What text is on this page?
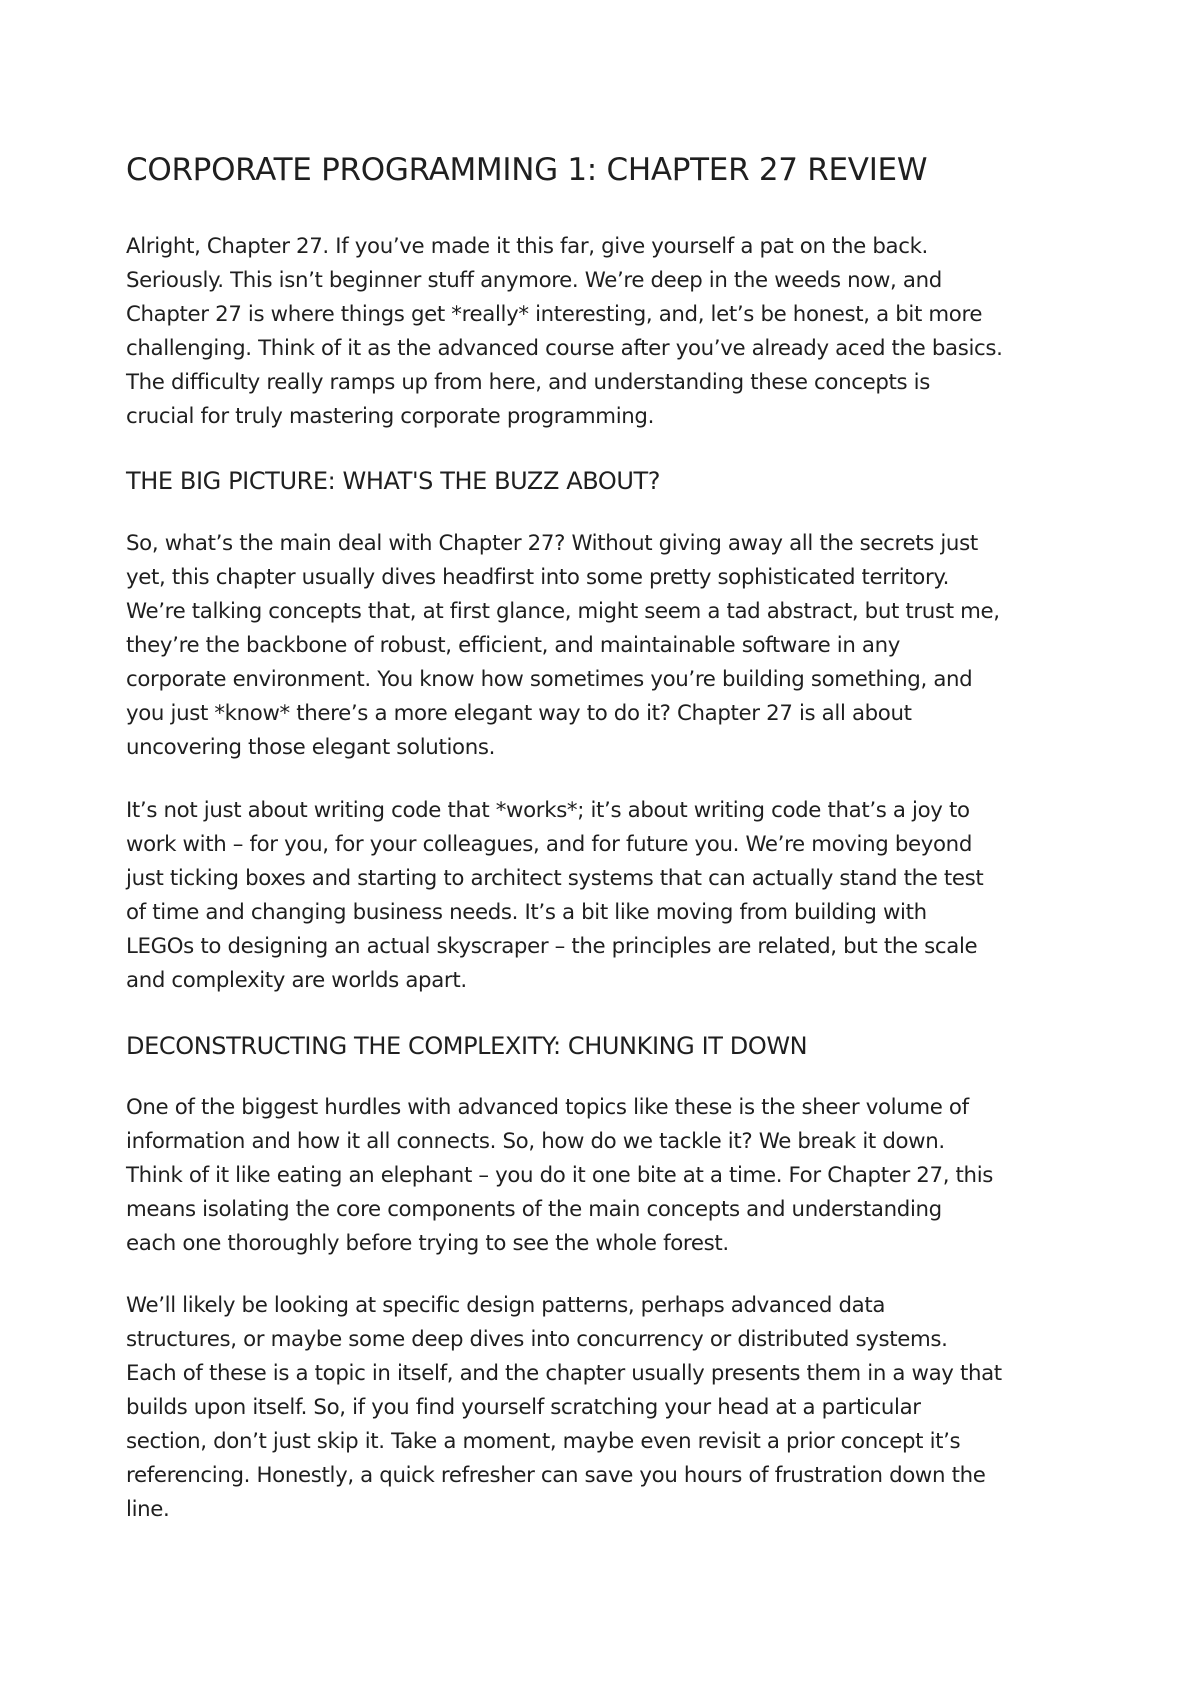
CORPORATE PROGRAMMING 1: CHAPTER 27 REVIEW
Alright, Chapter 27. If you’ve made it this far, give yourself a pat on the back.
Seriously. This isn’t beginner stuff anymore. We’re deep in the weeds now, and
Chapter 27 is where things get *really* interesting, and, let’s be honest, a bit more
challenging. Think of it as the advanced course after you’ve already aced the basics.
The difficulty really ramps up from here, and understanding these concepts is
crucial for truly mastering corporate programming.
THE BIG PICTURE: WHAT'S THE BUZZ ABOUT?
So, what’s the main deal with Chapter 27? Without giving away all the secrets just
yet, this chapter usually dives headfirst into some pretty sophisticated territory.
We’re talking concepts that, at first glance, might seem a tad abstract, but trust me,
they’re the backbone of robust, efficient, and maintainable software in any
corporate environment. You know how sometimes you’re building something, and
you just *know* there’s a more elegant way to do it? Chapter 27 is all about
uncovering those elegant solutions.
It’s not just about writing code that *works*; it’s about writing code that’s a joy to
work with – for you, for your colleagues, and for future you. We’re moving beyond
just ticking boxes and starting to architect systems that can actually stand the test
of time and changing business needs. It’s a bit like moving from building with
LEGOs to designing an actual skyscraper – the principles are related, but the scale
and complexity are worlds apart.
DECONSTRUCTING THE COMPLEXITY: CHUNKING IT DOWN
One of the biggest hurdles with advanced topics like these is the sheer volume of
information and how it all connects. So, how do we tackle it? We break it down.
Think of it like eating an elephant – you do it one bite at a time. For Chapter 27, this
means isolating the core components of the main concepts and understanding
each one thoroughly before trying to see the whole forest.
We’ll likely be looking at specific design patterns, perhaps advanced data
structures, or maybe some deep dives into concurrency or distributed systems.
Each of these is a topic in itself, and the chapter usually presents them in a way that
builds upon itself. So, if you find yourself scratching your head at a particular
section, don’t just skip it. Take a moment, maybe even revisit a prior concept it’s
referencing. Honestly, a quick refresher can save you hours of frustration down the
line.
